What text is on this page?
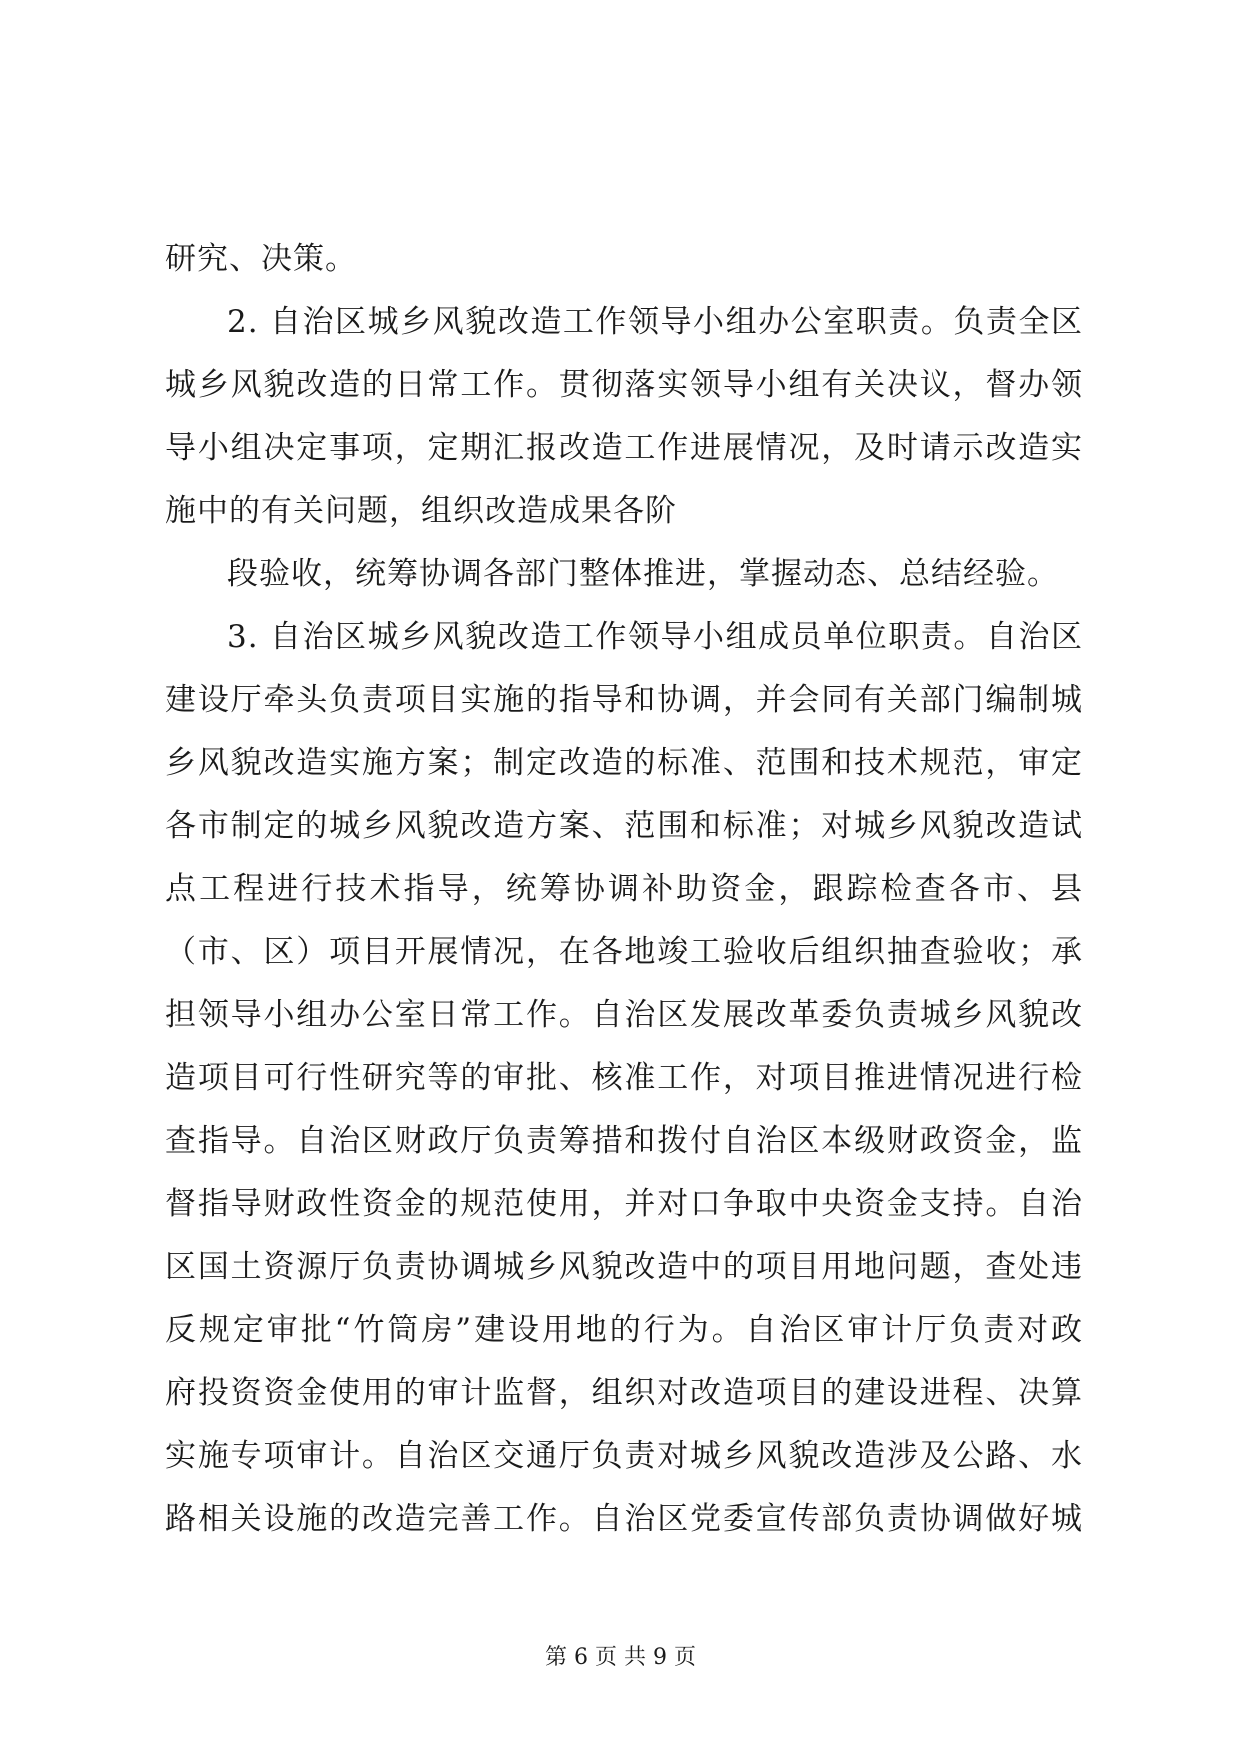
研究、决策。
2. 自治区城乡风貌改造工作领导小组办公室职责。负责全区
城乡风貌改造的日常工作。贯彻落实领导小组有关决议，督办领
导小组决定事项，定期汇报改造工作进展情况，及时请示改造实
施中的有关问题，组织改造成果各阶
段验收，统筹协调各部门整体推进，掌握动态、总结经验。
3. 自治区城乡风貌改造工作领导小组成员单位职责。自治区
建设厅牵头负责项目实施的指导和协调，并会同有关部门编制城
乡风貌改造实施方案；制定改造的标准、范围和技术规范，审定
各市制定的城乡风貌改造方案、范围和标准；对城乡风貌改造试
点工程进行技术指导，统筹协调补助资金，跟踪检查各市、县
（市、区）项目开展情况，在各地竣工验收后组织抽查验收；承
担领导小组办公室日常工作。自治区发展改革委负责城乡风貌改
造项目可行性研究等的审批、核准工作，对项目推进情况进行检
查指导。自治区财政厅负责筹措和拨付自治区本级财政资金，监
督指导财政性资金的规范使用，并对口争取中央资金支持。自治
区国土资源厅负责协调城乡风貌改造中的项目用地问题，查处违
反规定审批“竹筒房”建设用地的行为。自治区审计厅负责对政
府投资资金使用的审计监督，组织对改造项目的建设进程、决算
实施专项审计。自治区交通厅负责对城乡风貌改造涉及公路、水
路相关设施的改造完善工作。自治区党委宣传部负责协调做好城
第 6 页 共 9 页
